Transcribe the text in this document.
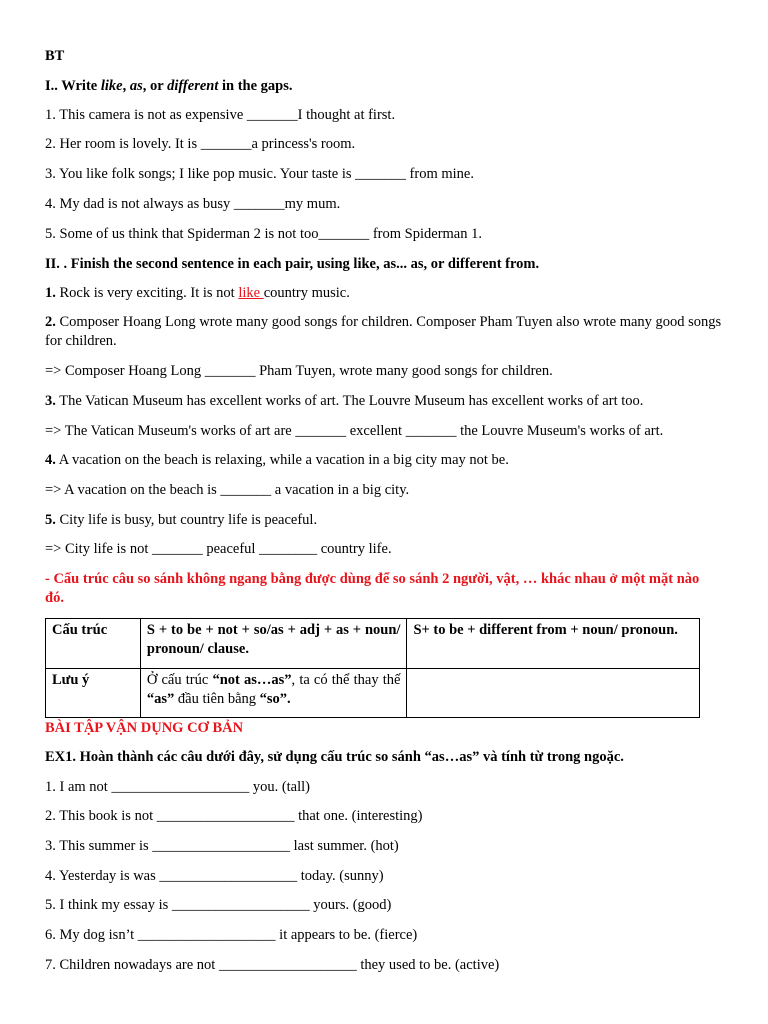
BT
I.. Write like, as, or different in the gaps.
1. This camera is not as expensive _______I thought at first.
2. Her room is lovely. It is _______a princess's room.
3. You like folk songs; I like pop music. Your taste is _______ from mine.
4. My dad is not always as busy _______my mum.
5. Some of us think that Spiderman 2 is not too_______ from Spiderman 1.
II. . Finish the second sentence in each pair, using like, as... as, or different from.
1. Rock is very exciting. It is not like country music.
2. Composer Hoang Long wrote many good songs for children. Composer Pham Tuyen also wrote many good songs for children.
=> Composer Hoang Long _______ Pham Tuyen, wrote many good songs for children.
3. The Vatican Museum has excellent works of art. The Louvre Museum has excellent works of art too.
=> The Vatican Museum's works of art are _______ excellent _______ the Louvre Museum's works of art.
4. A vacation on the beach is relaxing, while a vacation in a big city may not be.
=> A vacation on the beach is _______ a vacation in a big city.
5. City life is busy, but country life is peaceful.
=> City life is not _______ peaceful ________ country life.
- Cấu trúc câu so sánh không ngang bằng được dùng để so sánh 2 người, vật, … khác nhau ở một mặt nào đó.
Cấu trúc	S + to be + not + so/as + adj + as + noun/ pronoun/ clause.	S+ to be + different from + noun/ pronoun.
Lưu ý	Ở cấu trúc “not as…as”, ta có thể thay thế “as” đầu tiên bằng “so”.	
BÀI TẬP VẬN DỤNG CƠ BẢN
EX1. Hoàn thành các câu dưới đây, sử dụng cấu trúc so sánh “as…as” và tính từ trong ngoặc.
1. I am not ___________________ you. (tall)
2. This book is not ___________________ that one. (interesting)
3. This summer is ___________________ last summer. (hot)
4. Yesterday is was ___________________ today. (sunny)
5. I think my essay is ___________________ yours. (good)
6. My dog isn’t ___________________ it appears to be. (fierce)
7. Children nowadays are not ___________________ they used to be. (active)
